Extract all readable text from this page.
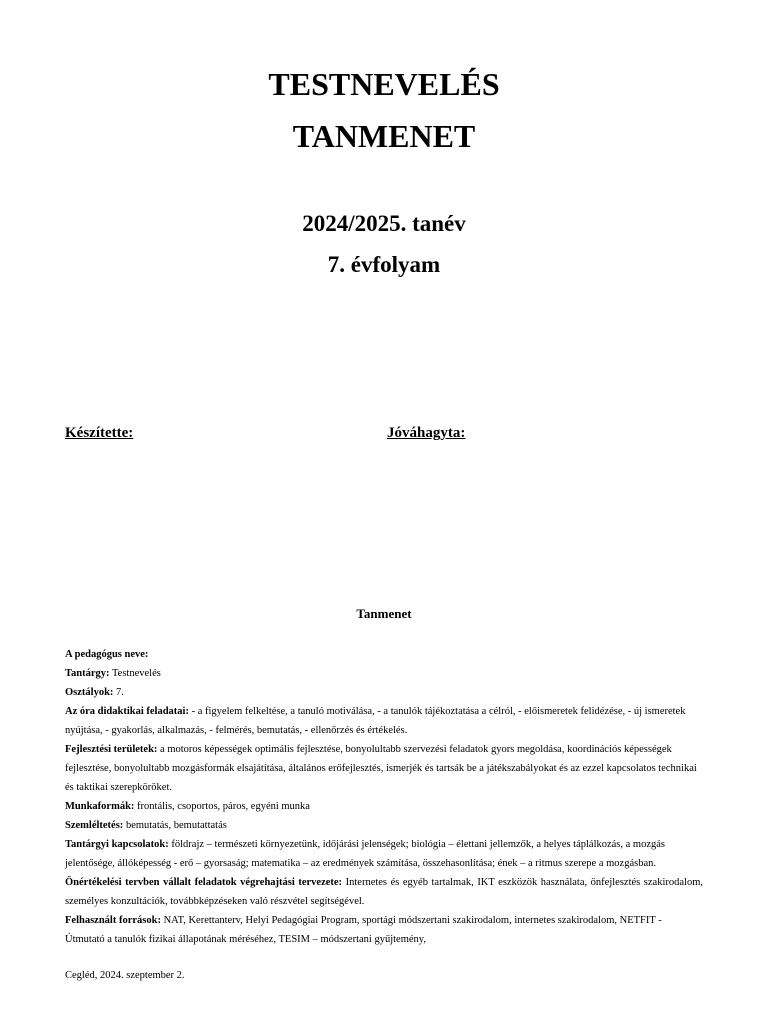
TESTNEVELÉS
TANMENET
2024/2025. tanév
7. évfolyam
Készítette:	Jóváhagyta:
Tanmenet

A pedagógus neve:

Tantárgy: Testnevelés

Osztályok: 7.

Az óra didaktikai feladatai: - a figyelem felkeltése, a tanuló motiválása, - a tanulók tájékoztatása a célról, - előismeretek felidézése, - új ismeretek nyújtása, - gyakorlás, alkalmazás, - felmérés, bemutatás, - ellenőrzés és értékelés.

Fejlesztési területek: a motoros képességek optimális fejlesztése, bonyolultabb szervezési feladatok gyors megoldása, koordinációs képességek fejlesztése, bonyolultabb mozgásformák elsajátítása, általános erőfejlesztés, ismerjék és tartsák be a játékszabályokat és az ezzel kapcsolatos technikai és taktikai szerepköröket.

Munkaformák: frontális, csoportos, páros, egyéni munka

Szemléltetés: bemutatás, bemutattatás

Tantárgyi kapcsolatok: földrajz – természeti környezetünk, időjárási jelenségek; biológia – élettani jellemzők, a helyes táplálkozás, a mozgás jelentősége, állóképesség - erő – gyorsaság; matematika – az eredmények számítása, összehasonlítása; ének – a ritmus szerepe a mozgásban.

Önértékelési tervben vállalt feladatok végrehajtási tervezete: Internetes és egyéb tartalmak, IKT eszközök használata, önfejlesztés szakirodalom, személyes konzultációk, továbbképzéseken való részvétel segítségével.

Felhasznált források: NAT, Kerettanterv, Helyi Pedagógiai Program, sportági módszertani szakirodalom, internetes szakirodalom, NETFIT - Útmutató a tanulók fizikai állapotának méréséhez, TESIM – módszertani gyűjtemény,

Cegléd, 2024. szeptember 2.
